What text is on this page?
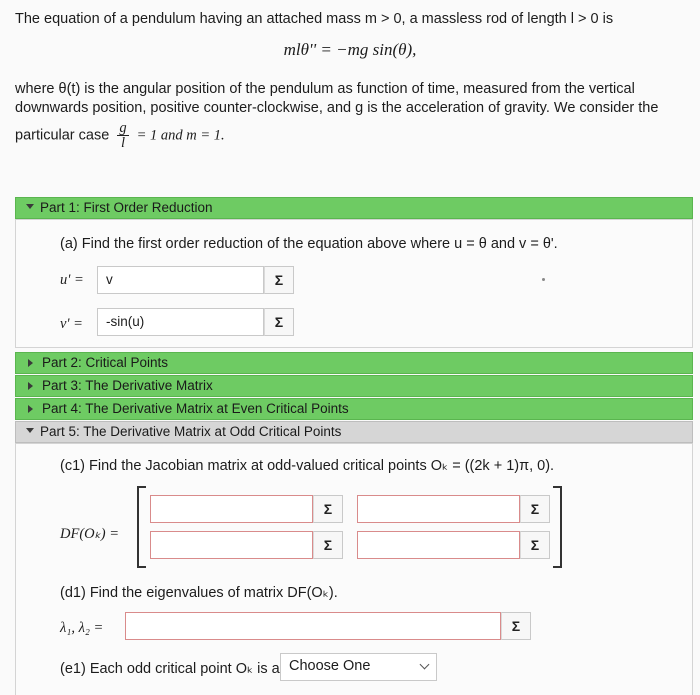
The equation of a pendulum having an attached mass m > 0, a massless rod of length l > 0 is
mlθ'' = −mg sin(θ),
where θ(t) is the angular position of the pendulum as function of time, measured from the vertical
downwards position, positive counter-clockwise, and g is the acceleration of gravity. We consider the
particular case $\frac{g}{l} = 1$ and m = 1.
Part 1: First Order Reduction
(a) Find the first order reduction of the equation above where u = θ and v = θ'.
u' =	v	Σ
v' =	-sin(u)	Σ
Part 2: Critical Points
Part 3: The Derivative Matrix
Part 4: The Derivative Matrix at Even Critical Points
Part 5: The Derivative Matrix at Odd Critical Points
(c1) Find the Jacobian matrix at odd-valued critical points Oₖ = ((2k + 1)π, 0).
DF(Oₖ) =
Σ	Σ
Σ	Σ
(d1) Find the eigenvalues of matrix DF(Oₖ).
λ₁, λ₂ =	Σ
(e1) Each odd critical point Oₖ is a Choose One
